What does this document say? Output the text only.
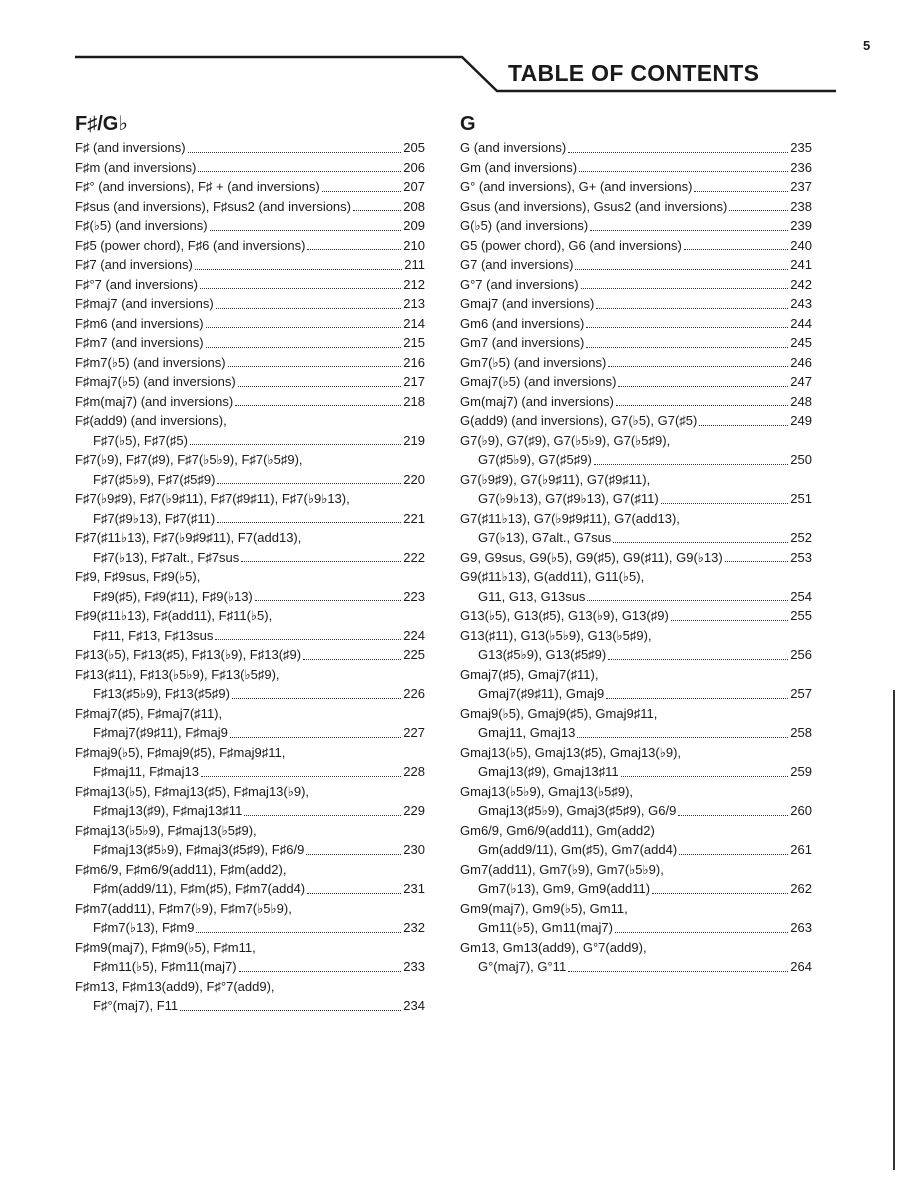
5
TABLE OF CONTENTS
F♯/G♭
F♯ (and inversions)	205
F♯m (and inversions)	206
F♯° (and inversions), F♯ + (and inversions)	207
F♯sus (and inversions), F♯sus2 (and inversions)	208
F♯(♭5) (and inversions)	209
F♯5 (power chord), F♯6 (and inversions)	210
F♯7 (and inversions)	211
F♯°7 (and inversions)	212
F♯maj7 (and inversions)	213
F♯m6 (and inversions)	214
F♯m7 (and inversions)	215
F♯m7(♭5) (and inversions)	216
F♯maj7(♭5) (and inversions)	217
F♯m(maj7) (and inversions)	218
F♯(add9) (and inversions),
F♯7(♭5), F♯7(♯5)	219
F♯7(♭9), F♯7(♯9), F♯7(♭5♭9), F♯7(♭5♯9),
F♯7(♯5♭9), F♯7(♯5♯9)	220
F♯7(♭9♯9), F♯7(♭9♯11), F♯7(♯9♯11), F♯7(♭9♭13),
F♯7(♯9♭13), F♯7(♯11)	221
F♯7(♯11♭13), F♯7(♭9♯9♯11), F7(add13),
F♯7(♭13), F♯7alt., F♯7sus	222
F♯9, F♯9sus, F♯9(♭5),
F♯9(♯5), F♯9(♯11), F♯9(♭13)	223
F♯9(♯11♭13), F♯(add11), F♯11(♭5),
F♯11, F♯13, F♯13sus	224
F♯13(♭5), F♯13(♯5), F♯13(♭9), F♯13(♯9)	225
F♯13(♯11), F♯13(♭5♭9), F♯13(♭5♯9),
F♯13(♯5♭9), F♯13(♯5♯9)	226
F♯maj7(♯5), F♯maj7(♯11),
F♯maj7(♯9♯11), F♯maj9	227
F♯maj9(♭5), F♯maj9(♯5), F♯maj9♯11,
F♯maj11, F♯maj13	228
F♯maj13(♭5), F♯maj13(♯5), F♯maj13(♭9),
F♯maj13(♯9), F♯maj13♯11	229
F♯maj13(♭5♭9), F♯maj13(♭5♯9),
F♯maj13(♯5♭9), F♯maj3(♯5♯9), F♯6/9	230
F♯m6/9, F♯m6/9(add11), F♯m(add2),
F♯m(add9/11), F♯m(♯5), F♯m7(add4)	231
F♯m7(add11), F♯m7(♭9), F♯m7(♭5♭9),
F♯m7(♭13), F♯m9	232
F♯m9(maj7), F♯m9(♭5), F♯m11,
F♯m11(♭5), F♯m11(maj7)	233
F♯m13, F♯m13(add9), F♯°7(add9),
F♯°(maj7), F11	234
G
G (and inversions)	235
Gm (and inversions)	236
G° (and inversions), G+ (and inversions)	237
Gsus (and inversions), Gsus2 (and inversions)	238
G(♭5) (and inversions)	239
G5 (power chord), G6 (and inversions)	240
G7 (and inversions)	241
G°7 (and inversions)	242
Gmaj7 (and inversions)	243
Gm6 (and inversions)	244
Gm7 (and inversions)	245
Gm7(♭5) (and inversions)	246
Gmaj7(♭5) (and inversions)	247
Gm(maj7) (and inversions)	248
G(add9) (and inversions), G7(♭5), G7(♯5)	249
G7(♭9), G7(♯9), G7(♭5♭9), G7(♭5♯9),
G7(♯5♭9), G7(♯5♯9)	250
G7(♭9♯9), G7(♭9♯11), G7(♯9♯11),
G7(♭9♭13), G7(♯9♭13), G7(♯11)	251
G7(♯11♭13), G7(♭9♯9♯11), G7(add13),
G7(♭13), G7alt., G7sus	252
G9, G9sus, G9(♭5), G9(♯5), G9(♯11), G9(♭13)	253
G9(♯11♭13), G(add11), G11(♭5),
G11, G13, G13sus	254
G13(♭5), G13(♯5), G13(♭9), G13(♯9)	255
G13(♯11), G13(♭5♭9), G13(♭5♯9),
G13(♯5♭9), G13(♯5♯9)	256
Gmaj7(♯5), Gmaj7(♯11),
Gmaj7(♯9♯11), Gmaj9	257
Gmaj9(♭5), Gmaj9(♯5), Gmaj9♯11,
Gmaj11, Gmaj13	258
Gmaj13(♭5), Gmaj13(♯5), Gmaj13(♭9),
Gmaj13(♯9), Gmaj13♯11	259
Gmaj13(♭5♭9), Gmaj13(♭5♯9),
Gmaj13(♯5♭9), Gmaj3(♯5♯9), G6/9	260
Gm6/9, Gm6/9(add11), Gm(add2)
Gm(add9/11), Gm(♯5), Gm7(add4)	261
Gm7(add11), Gm7(♭9), Gm7(♭5♭9),
Gm7(♭13), Gm9, Gm9(add11)	262
Gm9(maj7), Gm9(♭5), Gm11,
Gm11(♭5), Gm11(maj7)	263
Gm13, Gm13(add9), G°7(add9),
G°(maj7), G°11	264
